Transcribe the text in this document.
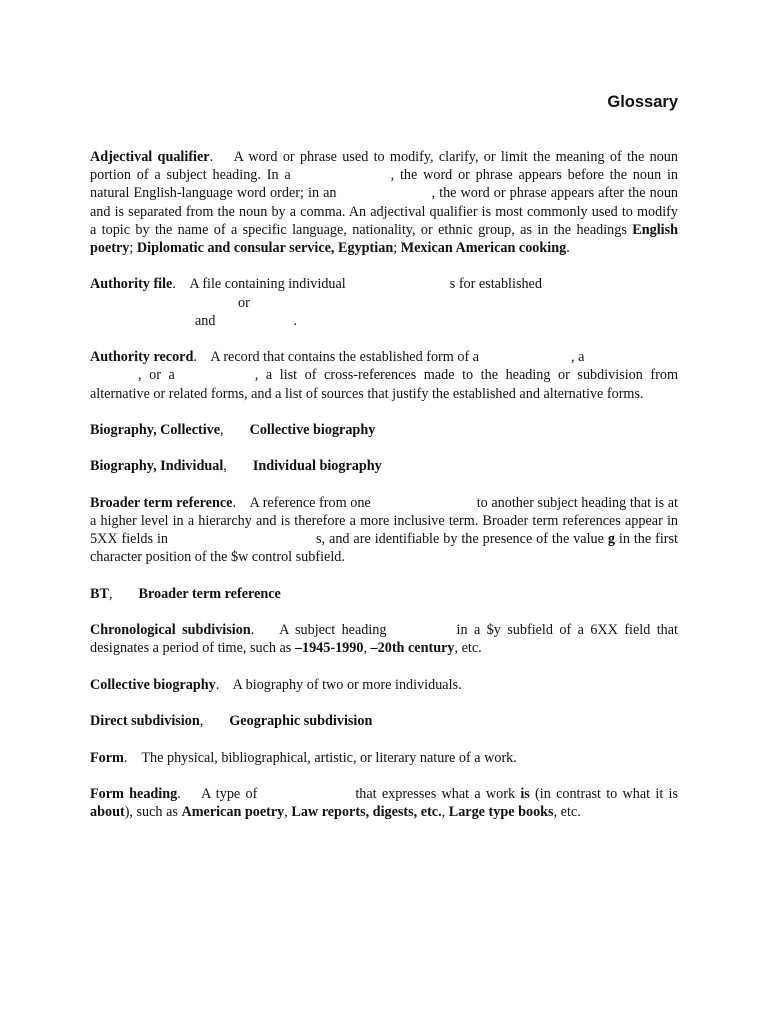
Glossary

Adjectival qualifier.    A word or phrase used to modify, clarify, or limit the meaning of the noun portion of a subject heading. In a	, the word or phrase appears before the noun in natural English-language word order; in an	, the word or phrase appears after the noun and is separated from the noun by a comma. An adjectival qualifier is most commonly used to modify a topic by the name of a specific language, nationality, or ethnic group, as in the headings English poetry; Diplomatic and consular service, Egyptian; Mexican American cooking.

Authority file.    A file containing individual	s for establishedor
and	.

Authority record.    A record that contains the established form of a	, a
, or a	, a list of cross-references made to the heading or subdivision from alternative or related forms, and a list of sources that justify the established and alternative forms.

Biography, Collective, Collective biography

Biography, Individual, Individual biography

Broader term reference.    A reference from one	to another subject heading that is at a higher level in a hierarchy and is therefore a more inclusive term. Broader term references appear in 5XX fields in	s, and are identifiable by the presence of the value g in the first character position of the $w control subfield.

BT, Broader term reference

Chronological subdivision.    A subject heading	in a $y subfield of a 6XX field that designates a period of time, such as –1945-1990, –20th century, etc.

Collective biography.    A biography of two or more individuals.

Direct subdivision, Geographic subdivision

Form.    The physical, bibliographical, artistic, or literary nature of a work.

Form heading.    A type of	that expresses what a work is (in contrast to what it is about), such as American poetry, Law reports, digests, etc., Large type books, etc.
